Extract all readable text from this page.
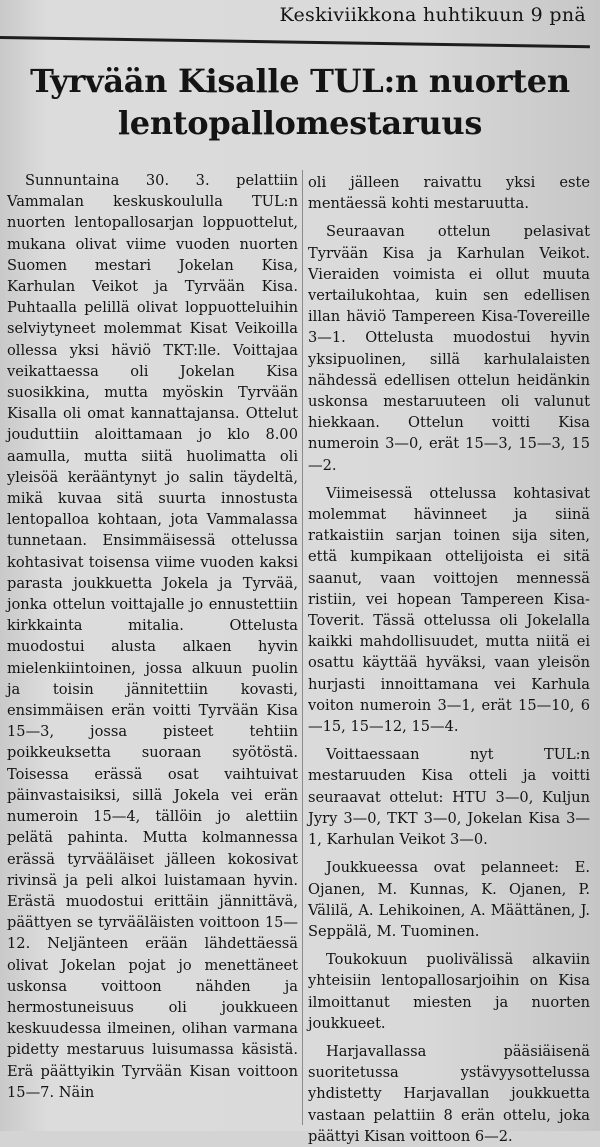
Keskiviikkona huhtikuun 9 pnä
Tyrvään Kisalle TUL:n nuorten
lentopallomestaruus

Sunnuntaina 30. 3. pelattiin Vammalan keskuskoululla TUL:n nuorten lentopallosarjan loppuottelut, mukana olivat viime vuoden nuorten Suomen mestari Jokelan Kisa, Karhulan Veikot ja Tyrvään Kisa. Puhtaalla pelillä olivat loppuotteluihin selviytyneet molemmat Kisat Veikoilla ollessa yksi häviö TKT:lle. Voittajaa veikattaessa oli Jokelan Kisa suosikkina, mutta myöskin Tyrvään Kisalla oli omat kannattajansa. Ottelut jouduttiin aloittamaan jo klo 8.00 aamulla, mutta siitä huolimatta oli yleisöä kerääntynyt jo salin täydeltä, mikä kuvaa sitä suurta innostusta lentopalloa kohtaan, jota Vammalassa tunnetaan. Ensimmäisessä ottelussa kohtasivat toisensa viime vuoden kaksi parasta joukkuetta Jokela ja Tyrvää, jonka ottelun voittajalle jo ennustettiin kirkkainta mitalia. Ottelusta muodostui alusta alkaen hyvin mielenkiintoinen, jossa alkuun puolin ja toisin jännitettiin kovasti, ensimmäisen erän voitti Tyrvään Kisa 15—3, jossa pisteet tehtiin poikkeuksetta suoraan syötöstä. Toisessa erässä osat vaihtuivat päinvastaisiksi, sillä Jokela vei erän numeroin 15—4, tällöin jo alettiin pelätä pahinta. Mutta kolmannessa erässä tyrvääläiset jälleen kokosivat rivinsä ja peli alkoi luistamaan hyvin. Erästä muodostui erittäin jännittävä, päättyen se tyrvääläisten voittoon 15—12. Neljänteen erään lähdettäessä olivat Jokelan pojat jo menettäneet uskonsa voittoon nähden ja hermostuneisuus oli joukkueen keskuudessa ilmeinen, olihan varmana pidetty mestaruus luisumassa käsistä. Erä päättyikin Tyrvään Kisan voittoon 15—7. Näin

oli jälleen raivattu yksi este mentäessä kohti mestaruutta.

Seuraavan ottelun pelasivat Tyrvään Kisa ja Karhulan Veikot. Vieraiden voimista ei ollut muuta vertailukohtaa, kuin sen edellisen illan häviö Tampereen Kisa-Tovereille 3—1. Ottelusta muodostui hyvin yksipuolinen, sillä karhulalaisten nähdessä edellisen ottelun heidänkin uskonsa mestaruuteen oli valunut hiekkaan. Ottelun voitti Kisa numeroin 3—0, erät 15—3, 15—3, 15—2.

Viimeisessä ottelussa kohtasivat molemmat hävinneet ja siinä ratkaistiin sarjan toinen sija siten, että kumpikaan ottelijoista ei sitä saanut, vaan voittojen mennessä ristiin, vei hopean Tampereen Kisa-Toverit. Tässä ottelussa oli Jokelalla kaikki mahdollisuudet, mutta niitä ei osattu käyttää hyväksi, vaan yleisön hurjasti innoittamana vei Karhula voiton numeroin 3—1, erät 15—10, 6—15, 15—12, 15—4.

Voittaessaan nyt TUL:n mestaruuden Kisa otteli ja voitti seuraavat ottelut: HTU 3—0, Kuljun Jyry 3—0, TKT 3—0, Jokelan Kisa 3—1, Karhulan Veikot 3—0.

Joukkueessa ovat pelanneet: E. Ojanen, M. Kunnas, K. Ojanen, P. Välilä, A. Lehikoinen, A. Määttänen, J. Seppälä, M. Tuominen.

Toukokuun puolivälissä alkaviin yhteisiin lentopallosarjoihin on Kisa ilmoittanut miesten ja nuorten joukkueet.

Harjavallassa pääsiäisenä suoritetussa ystävyysottelussa yhdistetty Harjavallan joukkuetta vastaan pelattiin 8 erän ottelu, joka päättyi Kisan voittoon 6—2.
